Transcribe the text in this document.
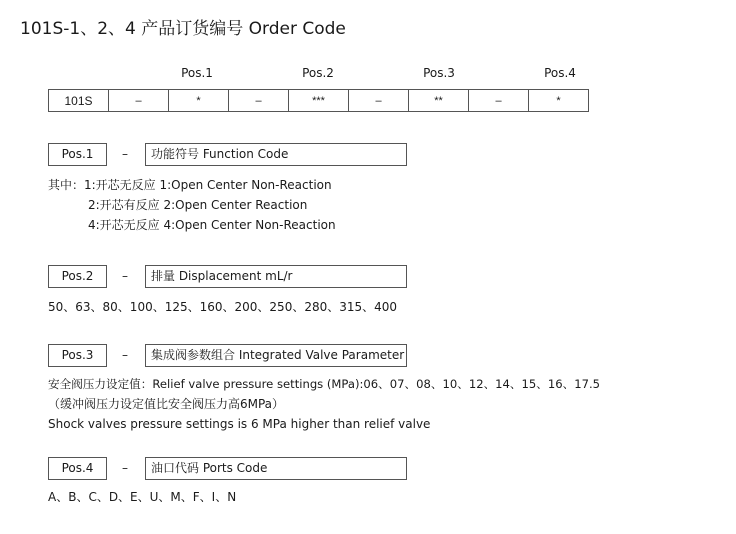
101S-1、2、4 产品订货编号 Order Code
Pos.1	Pos.2	Pos.3	Pos.4
101S	–	*	–	***	–	**	–	*
Pos.1	–	功能符号 Function Code
其中：1:开芯无反应 1:Open Center Non-Reaction
2:开芯有反应 2:Open Center Reaction
4:开芯无反应 4:Open Center Non-Reaction
Pos.2	–	排量 Displacement mL/r
50、63、80、100、125、160、200、250、280、315、400
Pos.3	–	集成阀参数组合 Integrated Valve Parameter
安全阀压力设定值：Relief valve pressure settings (MPa):06、07、08、10、12、14、15、16、17.5
（缓冲阀压力设定值比安全阀压力高6MPa）
Shock valves pressure settings is 6 MPa higher than relief valve
Pos.4	–	油口代码 Ports Code
A、B、C、D、E、U、M、F、I、N
